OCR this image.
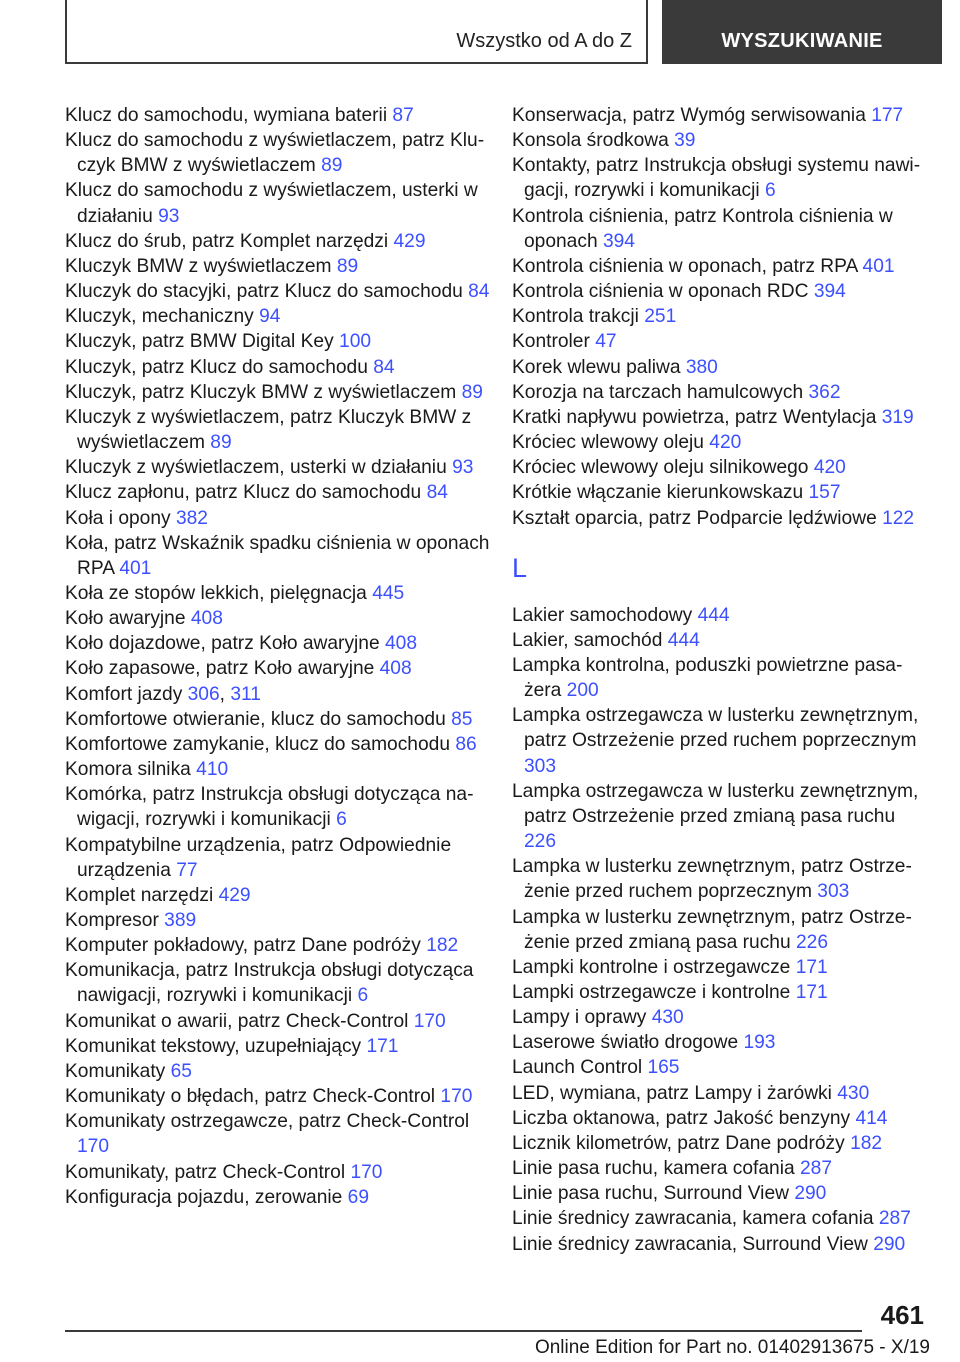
Wszystko od A do Z	WYSZUKIWANIE
Klucz do samochodu, wymiana baterii 87
Klucz do samochodu z wyświetlaczem, patrz Kluczyk BMW z wyświetlaczem 89
Klucz do samochodu z wyświetlaczem, usterki w działaniu 93
Klucz do śrub, patrz Komplet narzędzi 429
Kluczyk BMW z wyświetlaczem 89
Kluczyk do stacyjki, patrz Klucz do samochodu 84
Kluczyk, mechaniczny 94
Kluczyk, patrz BMW Digital Key 100
Kluczyk, patrz Klucz do samochodu 84
Kluczyk, patrz Kluczyk BMW z wyświetlaczem 89
Kluczyk z wyświetlaczem, patrz Kluczyk BMW z wyświetlaczem 89
Kluczyk z wyświetlaczem, usterki w działaniu 93
Klucz zapłonu, patrz Klucz do samochodu 84
Koła i opony 382
Koła, patrz Wskaźnik spadku ciśnienia w oponach RPA 401
Koła ze stopów lekkich, pielęgnacja 445
Koło awaryjne 408
Koło dojazdowe, patrz Koło awaryjne 408
Koło zapasowe, patrz Koło awaryjne 408
Komfort jazdy 306, 311
Komfortowe otwieranie, klucz do samochodu 85
Komfortowe zamykanie, klucz do samochodu 86
Komora silnika 410
Komórka, patrz Instrukcja obsługi dotycząca nawigacji, rozrywki i komunikacji 6
Kompatybilne urządzenia, patrz Odpowiednie urządzenia 77
Komplet narzędzi 429
Kompresor 389
Komputer pokładowy, patrz Dane podróży 182
Komunikacja, patrz Instrukcja obsługi dotycząca nawigacji, rozrywki i komunikacji 6
Komunikat o awarii, patrz Check-Control 170
Komunikat tekstowy, uzupełniający 171
Komunikaty 65
Komunikaty o błędach, patrz Check-Control 170
Komunikaty ostrzegawcze, patrz Check-Control 170
Komunikaty, patrz Check-Control 170
Konfiguracja pojazdu, zerowanie 69
Konserwacja, patrz Wymóg serwisowania 177
Konsola środkowa 39
Kontakty, patrz Instrukcja obsługi systemu nawigacji, rozrywki i komunikacji 6
Kontrola ciśnienia, patrz Kontrola ciśnienia w oponach 394
Kontrola ciśnienia w oponach, patrz RPA 401
Kontrola ciśnienia w oponach RDC 394
Kontrola trakcji 251
Kontroler 47
Korek wlewu paliwa 380
Korozja na tarczach hamulcowych 362
Kratki napływu powietrza, patrz Wentylacja 319
Króciec wlewowy oleju 420
Króciec wlewowy oleju silnikowego 420
Krótkie włączanie kierunkowskazu 157
Kształt oparcia, patrz Podparcie lędźwiowe 122
L
Lakier samochodowy 444
Lakier, samochód 444
Lampka kontrolna, poduszki powietrzne pasażera 200
Lampka ostrzegawcza w lusterku zewnętrznym, patrz Ostrzeżenie przed ruchem poprzecznym 303
Lampka ostrzegawcza w lusterku zewnętrznym, patrz Ostrzeżenie przed zmianą pasa ruchu 226
Lampka w lusterku zewnętrznym, patrz Ostrzeżenie przed ruchem poprzecznym 303
Lampka w lusterku zewnętrznym, patrz Ostrzeżenie przed zmianą pasa ruchu 226
Lampki kontrolne i ostrzegawcze 171
Lampki ostrzegawcze i kontrolne 171
Lampy i oprawy 430
Laserowe światło drogowe 193
Launch Control 165
LED, wymiana, patrz Lampy i żarówki 430
Liczba oktanowa, patrz Jakość benzyny 414
Licznik kilometrów, patrz Dane podróży 182
Linie pasa ruchu, kamera cofania 287
Linie pasa ruchu, Surround View 290
Linie średnicy zawracania, kamera cofania 287
Linie średnicy zawracania, Surround View 290
461
Online Edition for Part no. 01402913675 - X/19
